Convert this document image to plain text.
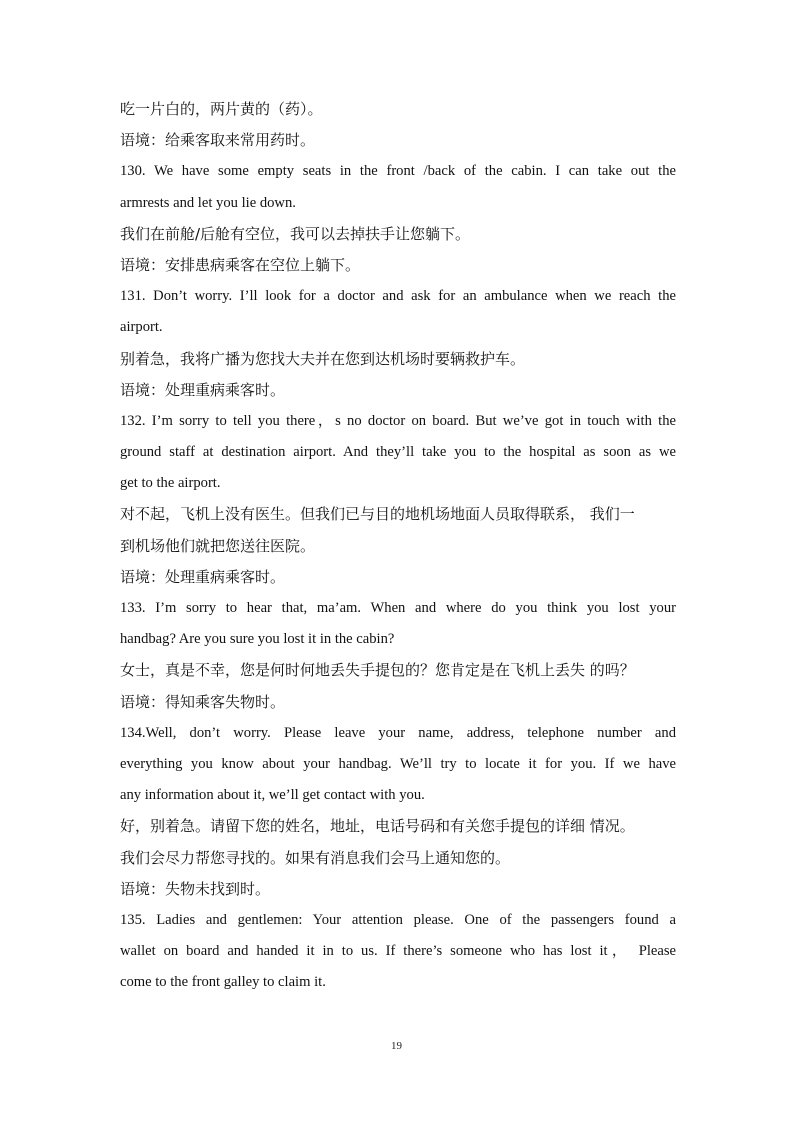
吃一片白的，两片黄的（药）。
语境：给乘客取来常用药时。
130. We have some empty seats in the front /back of the cabin. I can take out the
armrests and let you lie down.
我们在前舱/后舱有空位，我可以去掉扶手让您躺下。
语境：安排患病乘客在空位上躺下。
131. Don’t worry. I’ll look for a doctor and ask for an ambulance when we reach the
airport.
别着急，我将广播为您找大夫并在您到达机场时要辆救护车。
语境：处理重病乘客时。
132. I’m sorry to tell you there，s no doctor on board. But we’ve got in touch with the
ground staff at destination airport. And they’ll take you to the hospital as soon as we
get to the airport.
对不起，飞机上没有医生。但我们已与目的地机场地面人员取得联系， 我们一
到机场他们就把您送往医院。
语境：处理重病乘客时。
133. I’m sorry to hear that, ma’am. When and where do you think you lost your
handbag? Are you sure you lost it in the cabin?
女士，真是不幸，您是何时何地丢失手提包的？您肯定是在飞机上丢失 的吗？
语境：得知乘客失物时。
134.Well, don’t worry. Please leave your name, address, telephone number and
everything you know about your handbag. We’ll try to locate it for you. If we have
any information about it, we’ll get contact with you.
好，别着急。请留下您的姓名，地址，电话号码和有关您手提包的详细 情况。
我们会尽力帮您寻找的。如果有消息我们会马上通知您的。
语境：失物未找到时。
135. Ladies and gentlemen: Your attention please. One of the passengers found a
wallet on board and handed it in to us. If there’s someone who has lost it， Please
come to the front galley to claim it.
19
